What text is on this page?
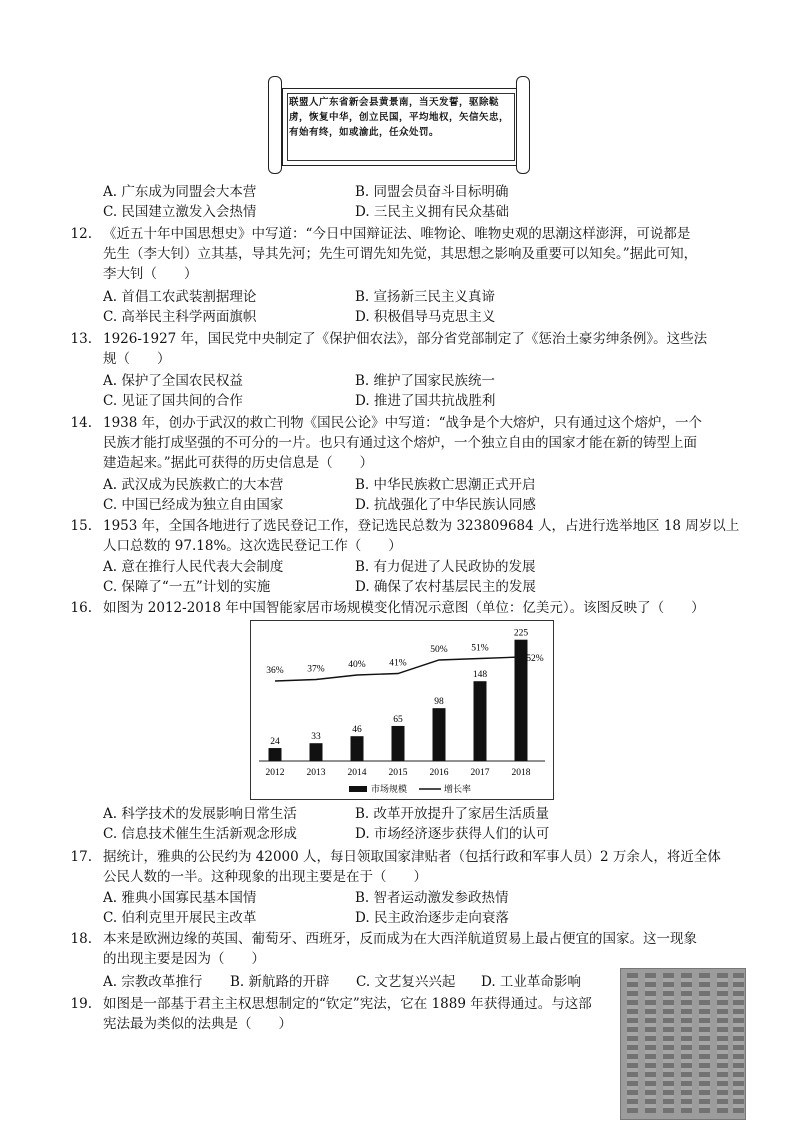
联盟人广东省新会县黄景南，当天发誓，驱除鞑虏，恢复中华，创立民国，平均地权，矢信矢忠，有始有终，如或渝此，任众处罚。
A. 广东成为同盟会大本营	B. 同盟会员奋斗目标明确
C. 民国建立激发入会热情	D. 三民主义拥有民众基础
12. 《近五十年中国思想史》中写道：“今日中国辩证法、唯物论、唯物史观的思潮这样澎湃，可说都是
先生（李大钊）立其基，导其先河；先生可谓先知先觉，其思想之影响及重要可以知矣。”据此可知，
李大钊（　　）
A. 首倡工农武装割据理论	B. 宣扬新三民主义真谛
C. 高举民主科学两面旗帜	D. 积极倡导马克思主义
13. 1926-1927 年，国民党中央制定了《保护佃农法》，部分省党部制定了《惩治土豪劣绅条例》。这些法
规（　　）
A. 保护了全国农民权益	B. 维护了国家民族统一
C. 见证了国共间的合作	D. 推进了国共抗战胜利
14. 1938 年，创办于武汉的救亡刊物《国民公论》中写道：“战争是个大熔炉，只有通过这个熔炉，一个
民族才能打成坚强的不可分的一片。也只有通过这个熔炉，一个独立自由的国家才能在新的铸型上面
建造起来。”据此可获得的历史信息是（　　）
A. 武汉成为民族救亡的大本营	B. 中华民族救亡思潮正式开启
C. 中国已经成为独立自由国家	D. 抗战强化了中华民族认同感
15. 1953 年，全国各地进行了选民登记工作，登记选民总数为 323809684 人，占进行选举地区 18 周岁以上
人口总数的 97.18%。这次选民登记工作（　　）
A. 意在推行人民代表大会制度	B. 有力促进了人民政协的发展
C. 保障了“一五”计划的实施	D. 确保了农村基层民主的发展
16. 如图为 2012-2018 年中国智能家居市场规模变化情况示意图（单位：亿美元）。该图反映了（　　）
24
2012
33
2013
46
2014
65
2015
98
2016
148
2017
225
2018
36% 37% 40% 41%
50% 51%
52%
市场规模	增长率
A. 科学技术的发展影响日常生活	B. 改革开放提升了家居生活质量
C. 信息技术催生生活新观念形成	D. 市场经济逐步获得人们的认可
17. 据统计，雅典的公民约为 42000 人，每日领取国家津贴者（包括行政和军事人员）2 万余人，将近全体
公民人数的一半。这种现象的出现主要是在于（　　）
A. 雅典小国寡民基本国情	B. 智者运动激发参政热情
C. 伯利克里开展民主改革	D. 民主政治逐步走向衰落
18. 本来是欧洲边缘的英国、葡萄牙、西班牙，反而成为在大西洋航道贸易上最占便宜的国家。这一现象
的出现主要是因为（　　）
A. 宗教改革推行 B. 新航路的开辟 C. 文艺复兴兴起 D. 工业革命影响
19. 如图是一部基于君主主权思想制定的“钦定”宪法，它在 1889 年获得通过。与这部
宪法最为类似的法典是（　　）
